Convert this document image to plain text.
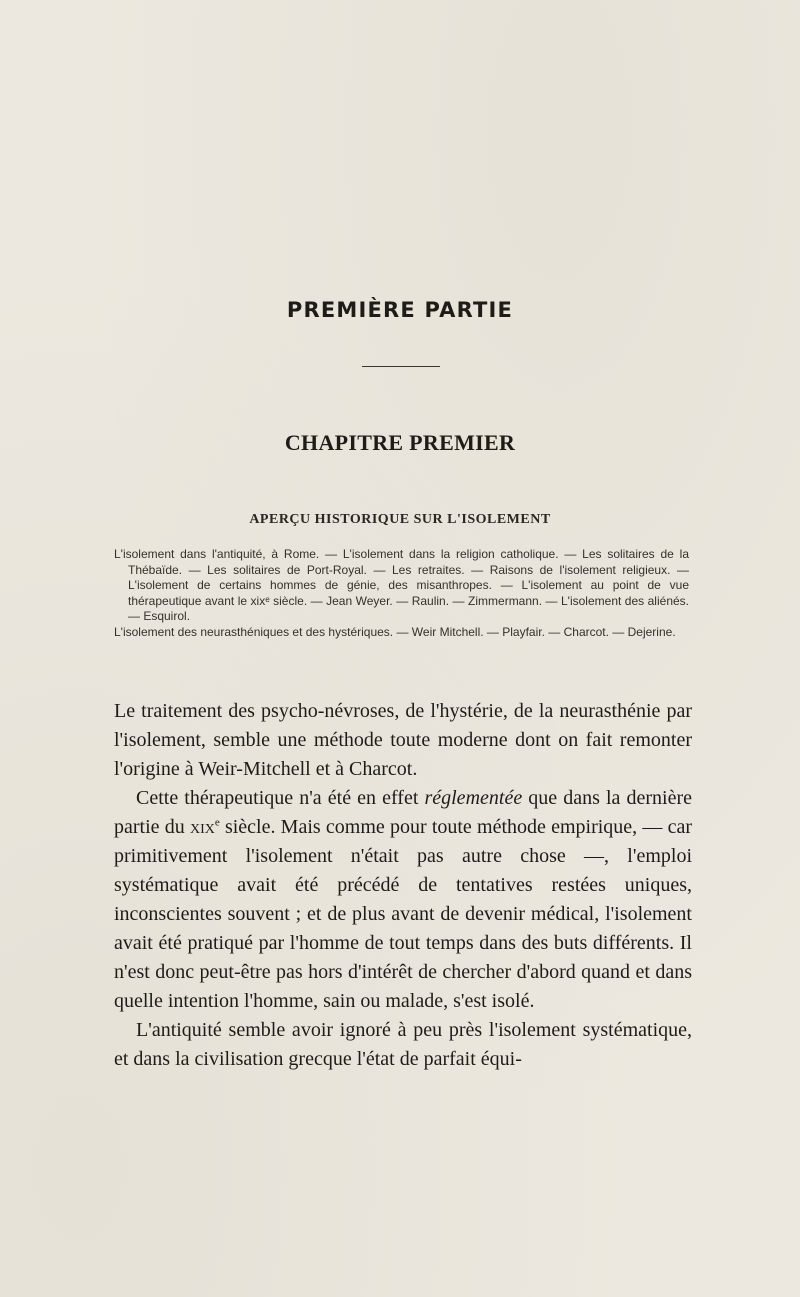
PREMIÈRE PARTIE
CHAPITRE PREMIER
APERÇU HISTORIQUE SUR L'ISOLEMENT

L'isolement dans l'antiquité, à Rome. — L'isolement dans la religion catholique. — Les solitaires de la Thébaïde. — Les solitaires de Port-Royal. — Les retraites. — Raisons de l'isolement religieux. — L'isolement de certains hommes de génie, des misanthropes. — L'isolement au point de vue thérapeutique avant le xixᵉ siècle. — Jean Weyer. — Raulin. — Zimmermann. — L'isolement des aliénés. — Esquirol.

L'isolement des neurasthéniques et des hystériques. — Weir Mitchell. — Playfair. — Charcot. — Dejerine.

Le traitement des psycho-névroses, de l'hystérie, de la neurasthénie par l'isolement, semble une méthode toute moderne dont on fait remonter l'origine à Weir-Mitchell et à Charcot.

Cette thérapeutique n'a été en effet réglementée que dans la dernière partie du xix$^e$ siècle. Mais comme pour toute méthode empirique, — car primitivement l'isolement n'était pas autre chose —, l'emploi systématique avait été précédé de tentatives restées uniques, inconscientes souvent ; et de plus avant de devenir médical, l'isolement avait été pratiqué par l'homme de tout temps dans des buts différents. Il n'est donc peut-être pas hors d'intérêt de chercher d'abord quand et dans quelle intention l'homme, sain ou malade, s'est isolé.

L'antiquité semble avoir ignoré à peu près l'isolement systématique, et dans la civilisation grecque l'état de parfait équi-
